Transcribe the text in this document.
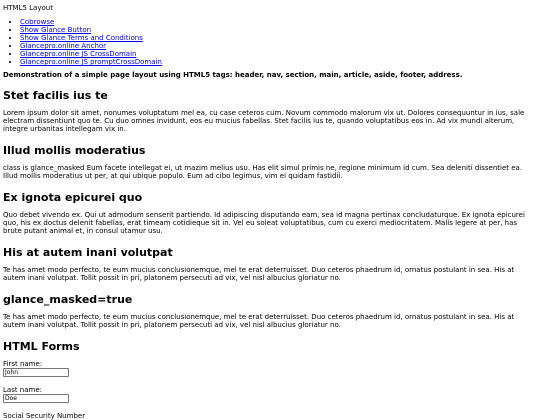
HTML5 Layout
• Cobrowse
• Show Glance Button
• Show Glance Terms and Conditions
• Glancepro.online Anchor
• Glancepro.online JS CrossDomain
• Glancepro.online JS promptCrossDomain
Demonstration of a simple page layout using HTML5 tags: header, nav, section, main, article, aside, footer, address.
Stet facilis ius te

Lorem ipsum dolor sit amet, nonumes voluptatum mel ea, cu case ceteros cum. Novum commodo malorum vix ut. Dolores consequuntur in ius, sale electram dissentiunt quo te. Cu duo omnes invidunt, eos eu mucius fabellas. Stet facilis ius te, quando voluptatibus eos in. Ad vix mundi alterum, integre urbanitas intellegam vix in.

Illud mollis moderatius

class is glance_masked Eum facete intellegat ei, ut mazim melius usu. Has elit simul primis ne, regione minimum id cum. Sea deleniti dissentiet ea. Illud mollis moderatius ut per, at qui ubique populo. Eum ad cibo legimus, vim ei quidam fastidii.

Ex ignota epicurei quo

Quo debet vivendo ex. Qui ut admodum senserit partiendo. Id adipiscing disputando eam, sea id magna pertinax concludaturque. Ex ignota epicurei quo, his ex doctus delenit fabellas, erat timeam cotidieque sit in. Vel eu soleat voluptatibus, cum cu exerci mediocritatem. Malis legere at per, has brute putant animal et, in consul utamur usu.

His at autem inani volutpat

Te has amet modo perfecto, te eum mucius conclusionemque, mel te erat deterruisset. Duo ceteros phaedrum id, ornatus postulant in sea. His at autem inani volutpat. Tollit possit in pri, platonem persecuti ad vix, vel nisl albucius gloriatur no.

glance_masked=true

Te has amet modo perfecto, te eum mucius conclusionemque, mel te erat deterruisset. Duo ceteros phaedrum id, ornatus postulant in sea. His at autem inani volutpat. Tollit possit in pri, platonem persecuti ad vix, vel nisl albucius gloriatur no.

HTML Forms
First name:
John
Last name:
Doe
Social Security Number
